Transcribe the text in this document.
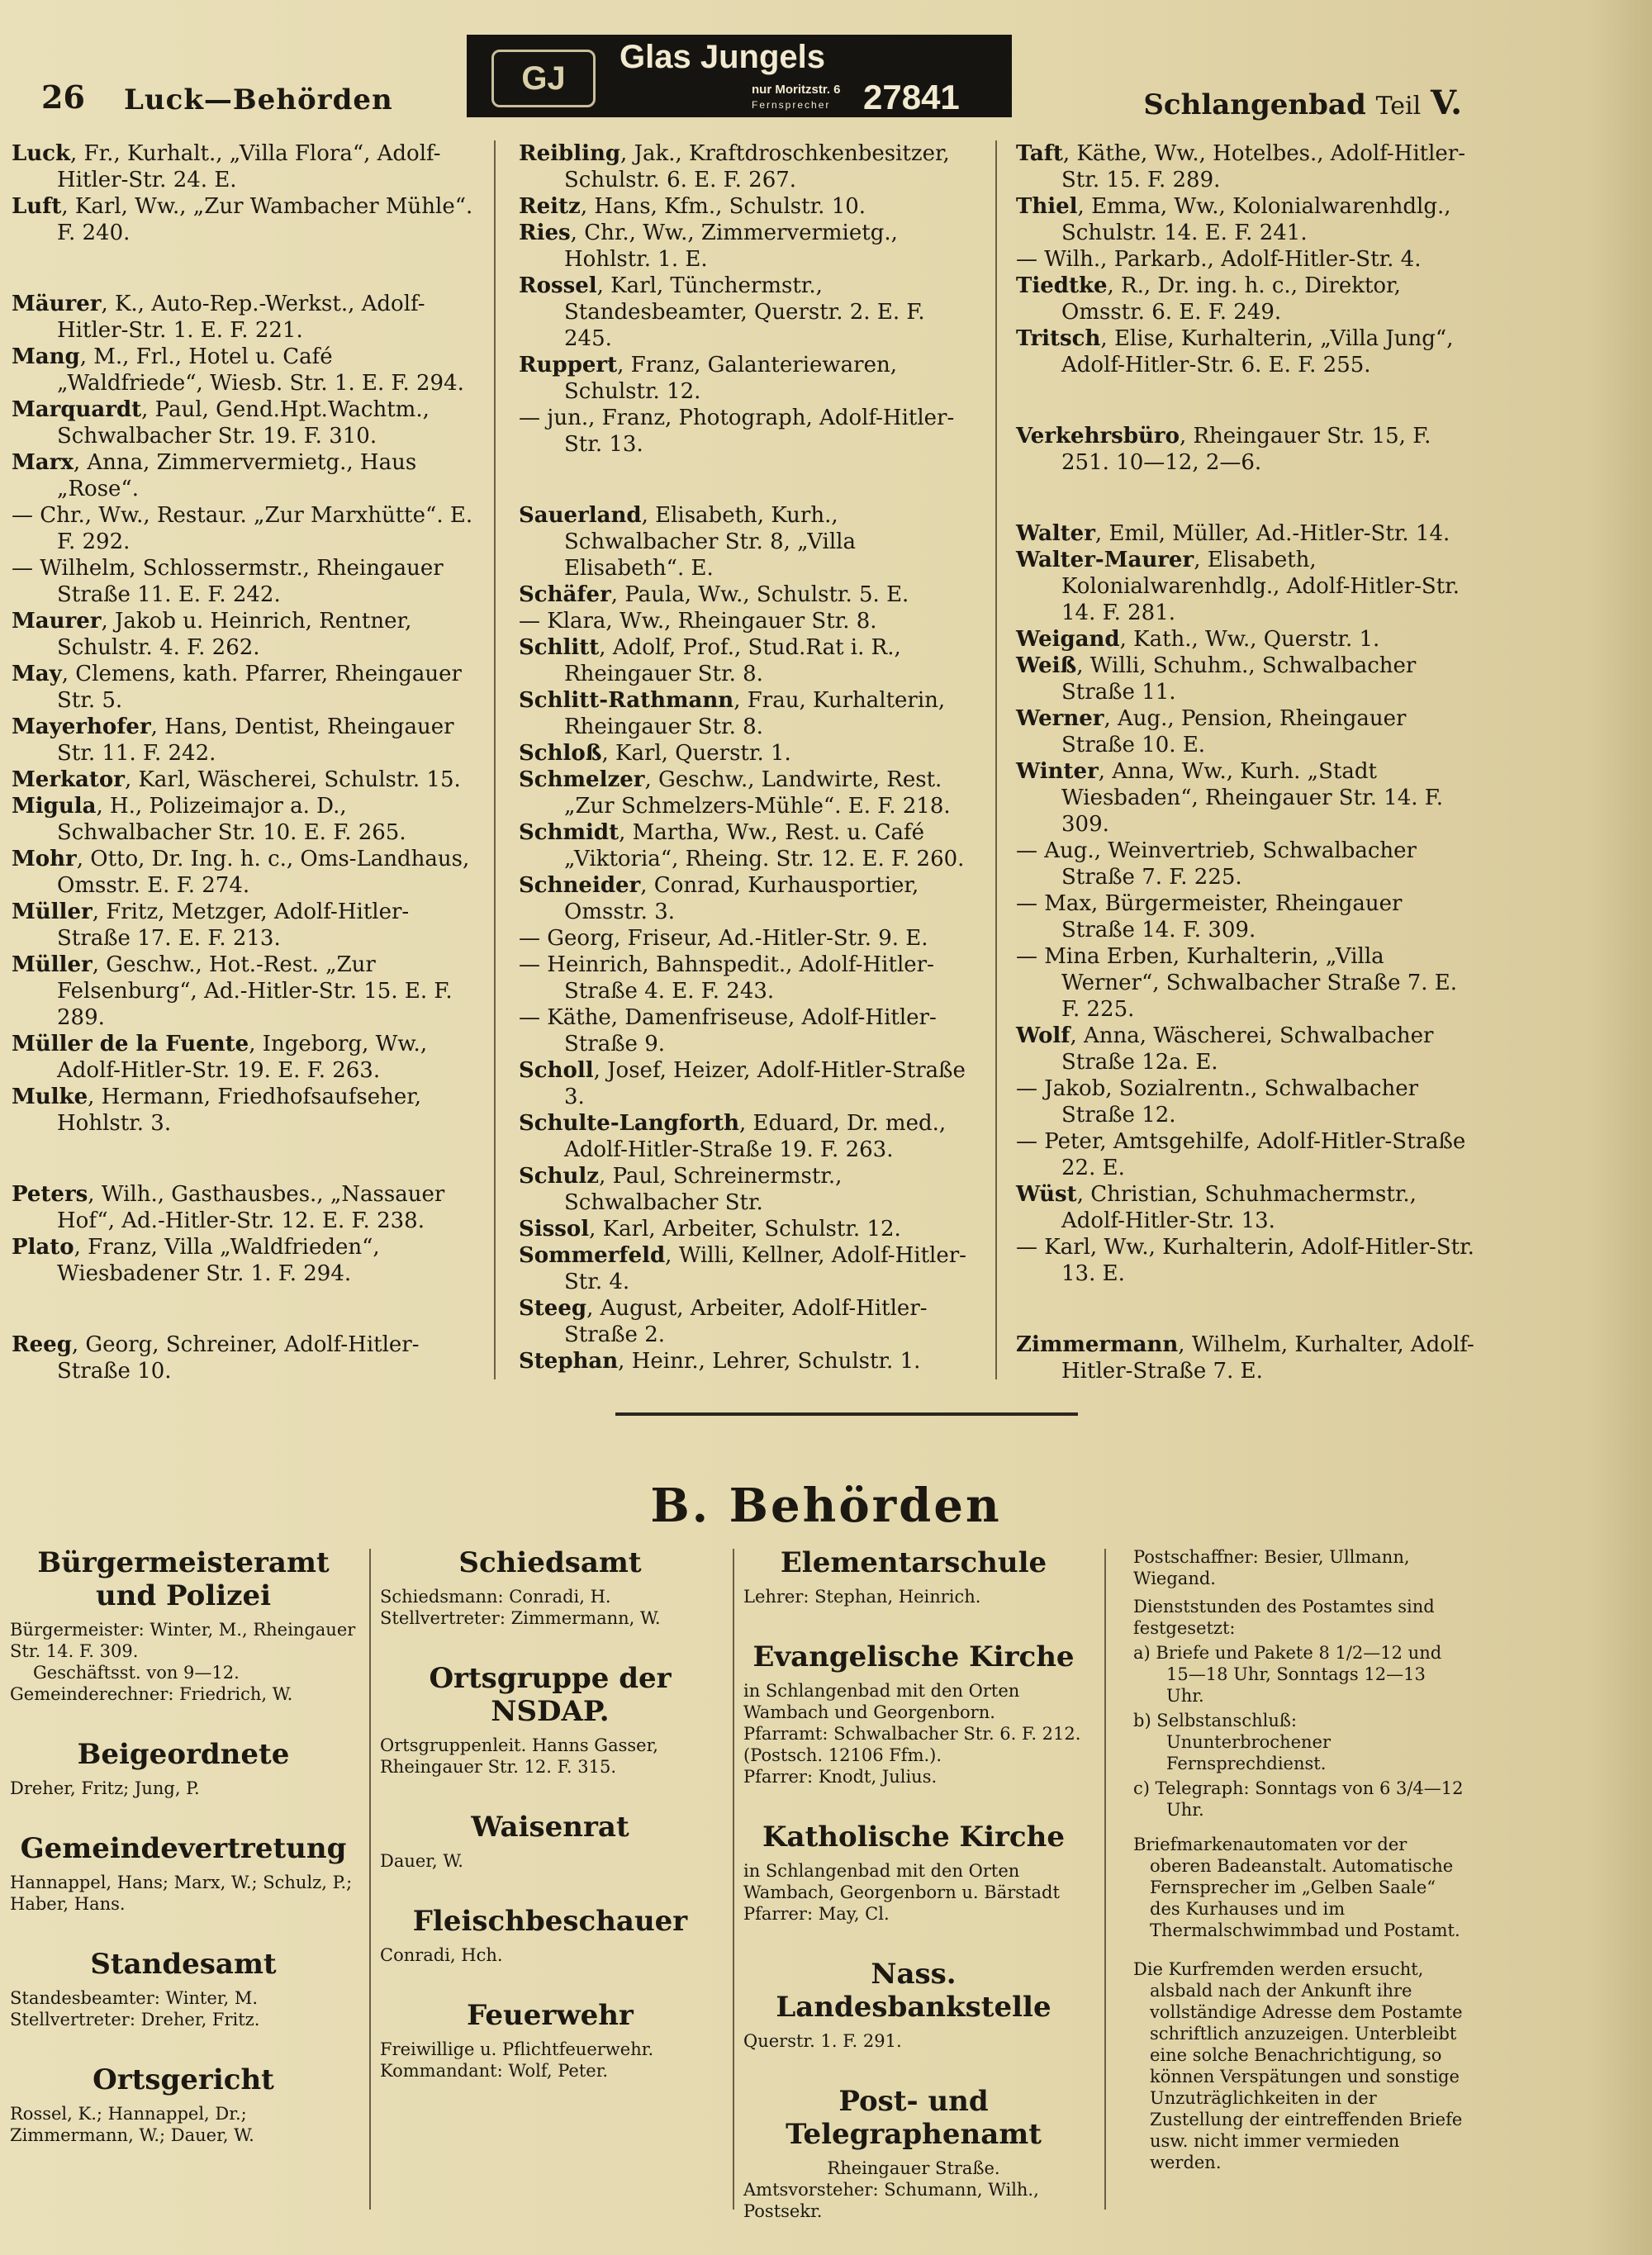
26 Luck—Behörden	Schlangenbad Teil V.
GJ
Glas Jungels
nur Moritzstr. 6
Fernsprecher 27841

Luck, Fr., Kurhalt., „Villa Flora“, Adolf-Hitler-Str. 24. E.

Luft, Karl, Ww., „Zur Wambacher Mühle“. F. 240.

Mäurer, K., Auto-Rep.-Werkst., Adolf-Hitler-Str. 1. E. F. 221.

Mang, M., Frl., Hotel u. Café „Waldfriede“, Wiesb. Str. 1. E. F. 294.

Marquardt, Paul, Gend.Hpt.Wachtm., Schwalbacher Str. 19. F. 310.

Marx, Anna, Zimmervermietg., Haus „Rose“.

— Chr., Ww., Restaur. „Zur Marxhütte“. E. F. 292.

— Wilhelm, Schlossermstr., Rheingauer Straße 11. E. F. 242.

Maurer, Jakob u. Heinrich, Rentner, Schulstr. 4. F. 262.

May, Clemens, kath. Pfarrer, Rheingauer Str. 5.

Mayerhofer, Hans, Dentist, Rheingauer Str. 11. F. 242.

Merkator, Karl, Wäscherei, Schulstr. 15.

Migula, H., Polizeimajor a. D., Schwalbacher Str. 10. E. F. 265.

Mohr, Otto, Dr. Ing. h. c., Oms-Landhaus, Omsstr. E. F. 274.

Müller, Fritz, Metzger, Adolf-Hitler-Straße 17. E. F. 213.

Müller, Geschw., Hot.-Rest. „Zur Felsenburg“, Ad.-Hitler-Str. 15. E. F. 289.

Müller de la Fuente, Ingeborg, Ww., Adolf-Hitler-Str. 19. E. F. 263.

Mulke, Hermann, Friedhofsaufseher, Hohlstr. 3.

Peters, Wilh., Gasthausbes., „Nassauer Hof“, Ad.-Hitler-Str. 12. E. F. 238.

Plato, Franz, Villa „Waldfrieden“, Wiesbadener Str. 1. F. 294.

Reeg, Georg, Schreiner, Adolf-Hitler-Straße 10.

Reibling, Jak., Kraftdroschkenbesitzer, Schulstr. 6. E. F. 267.

Reitz, Hans, Kfm., Schulstr. 10.

Ries, Chr., Ww., Zimmervermietg., Hohlstr. 1. E.

Rossel, Karl, Tünchermstr., Standesbeamter, Querstr. 2. E. F. 245.

Ruppert, Franz, Galanteriewaren, Schulstr. 12.

— jun., Franz, Photograph, Adolf-Hitler-Str. 13.

Sauerland, Elisabeth, Kurh., Schwalbacher Str. 8, „Villa Elisabeth“. E.

Schäfer, Paula, Ww., Schulstr. 5. E.

— Klara, Ww., Rheingauer Str. 8.

Schlitt, Adolf, Prof., Stud.Rat i. R., Rheingauer Str. 8.

Schlitt-Rathmann, Frau, Kurhalterin, Rheingauer Str. 8.

Schloß, Karl, Querstr. 1.

Schmelzer, Geschw., Landwirte, Rest. „Zur Schmelzers-Mühle“. E. F. 218.

Schmidt, Martha, Ww., Rest. u. Café „Viktoria“, Rheing. Str. 12. E. F. 260.

Schneider, Conrad, Kurhausportier, Omsstr. 3.

— Georg, Friseur, Ad.-Hitler-Str. 9. E.

— Heinrich, Bahnspedit., Adolf-Hitler-Straße 4. E. F. 243.

— Käthe, Damenfriseuse, Adolf-Hitler-Straße 9.

Scholl, Josef, Heizer, Adolf-Hitler-Straße 3.

Schulte-Langforth, Eduard, Dr. med., Adolf-Hitler-Straße 19. F. 263.

Schulz, Paul, Schreinermstr., Schwalbacher Str.

Sissol, Karl, Arbeiter, Schulstr. 12.

Sommerfeld, Willi, Kellner, Adolf-Hitler-Str. 4.

Steeg, August, Arbeiter, Adolf-Hitler-Straße 2.

Stephan, Heinr., Lehrer, Schulstr. 1.

Taft, Käthe, Ww., Hotelbes., Adolf-Hitler-Str. 15. F. 289.

Thiel, Emma, Ww., Kolonialwarenhdlg., Schulstr. 14. E. F. 241.

— Wilh., Parkarb., Adolf-Hitler-Str. 4.

Tiedtke, R., Dr. ing. h. c., Direktor, Omsstr. 6. E. F. 249.

Tritsch, Elise, Kurhalterin, „Villa Jung“, Adolf-Hitler-Str. 6. E. F. 255.

Verkehrsbüro, Rheingauer Str. 15, F. 251. 10—12, 2—6.

Walter, Emil, Müller, Ad.-Hitler-Str. 14.

Walter-Maurer, Elisabeth, Kolonialwarenhdlg., Adolf-Hitler-Str. 14. F. 281.

Weigand, Kath., Ww., Querstr. 1.

Weiß, Willi, Schuhm., Schwalbacher Straße 11.

Werner, Aug., Pension, Rheingauer Straße 10. E.

Winter, Anna, Ww., Kurh. „Stadt Wiesbaden“, Rheingauer Str. 14. F. 309.

— Aug., Weinvertrieb, Schwalbacher Straße 7. F. 225.

— Max, Bürgermeister, Rheingauer Straße 14. F. 309.

— Mina Erben, Kurhalterin, „Villa Werner“, Schwalbacher Straße 7. E. F. 225.

Wolf, Anna, Wäscherei, Schwalbacher Straße 12a. E.

— Jakob, Sozialrentn., Schwalbacher Straße 12.

— Peter, Amtsgehilfe, Adolf-Hitler-Straße 22. E.

Wüst, Christian, Schuhmachermstr., Adolf-Hitler-Str. 13.

— Karl, Ww., Kurhalterin, Adolf-Hitler-Str. 13. E.

Zimmermann, Wilhelm, Kurhalter, Adolf-Hitler-Straße 7. E.

B. Behörden
Bürgermeisteramt und Polizei

Bürgermeister: Winter, M., Rheingauer Str. 14. F. 309.

Geschäftsst. von 9—12.

Gemeinderechner: Friedrich, W.

Beigeordnete

Dreher, Fritz; Jung, P.

Gemeindevertretung

Hannappel, Hans; Marx, W.; Schulz, P.; Haber, Hans.

Standesamt

Standesbeamter: Winter, M.

Stellvertreter: Dreher, Fritz.

Ortsgericht

Rossel, K.; Hannappel, Dr.; Zimmermann, W.; Dauer, W.

Schiedsamt

Schiedsmann: Conradi, H.

Stellvertreter: Zimmermann, W.

Ortsgruppe der NSDAP.

Ortsgruppenleit. Hanns Gasser, Rheingauer Str. 12. F. 315.

Waisenrat

Dauer, W.

Fleischbeschauer

Conradi, Hch.

Feuerwehr

Freiwillige u. Pflichtfeuerwehr.

Kommandant: Wolf, Peter.

Elementarschule

Lehrer: Stephan, Heinrich.

Evangelische Kirche

in Schlangenbad mit den Orten Wambach und Georgenborn.

Pfarramt: Schwalbacher Str. 6. F. 212. (Postsch. 12106 Ffm.).

Pfarrer: Knodt, Julius.

Katholische Kirche

in Schlangenbad mit den Orten Wambach, Georgenborn u. Bärstadt

Pfarrer: May, Cl.

Nass. Landesbankstelle

Querstr. 1. F. 291.

Post- und Telegraphenamt

Rheingauer Straße.

Amtsvorsteher: Schumann, Wilh., Postsekr.

Postschaffner: Besier, Ullmann, Wiegand.

Dienststunden des Postamtes sind festgesetzt:

a) Briefe und Pakete 8 1/2—12 und 15—18 Uhr, Sonntags 12—13 Uhr.

b) Selbstanschluß: Ununterbrochener Fernsprechdienst.

c) Telegraph: Sonntags von 6 3/4—12 Uhr.

Briefmarkenautomaten vor der oberen Badeanstalt. Automatische Fernsprecher im „Gelben Saale“ des Kurhauses und im Thermalschwimmbad und Postamt.

Die Kurfremden werden ersucht, alsbald nach der Ankunft ihre vollständige Adresse dem Postamte schriftlich anzuzeigen. Unterbleibt eine solche Benachrichtigung, so können Verspätungen und sonstige Unzuträglichkeiten in der Zustellung der eintreffenden Briefe usw. nicht immer vermieden werden.
